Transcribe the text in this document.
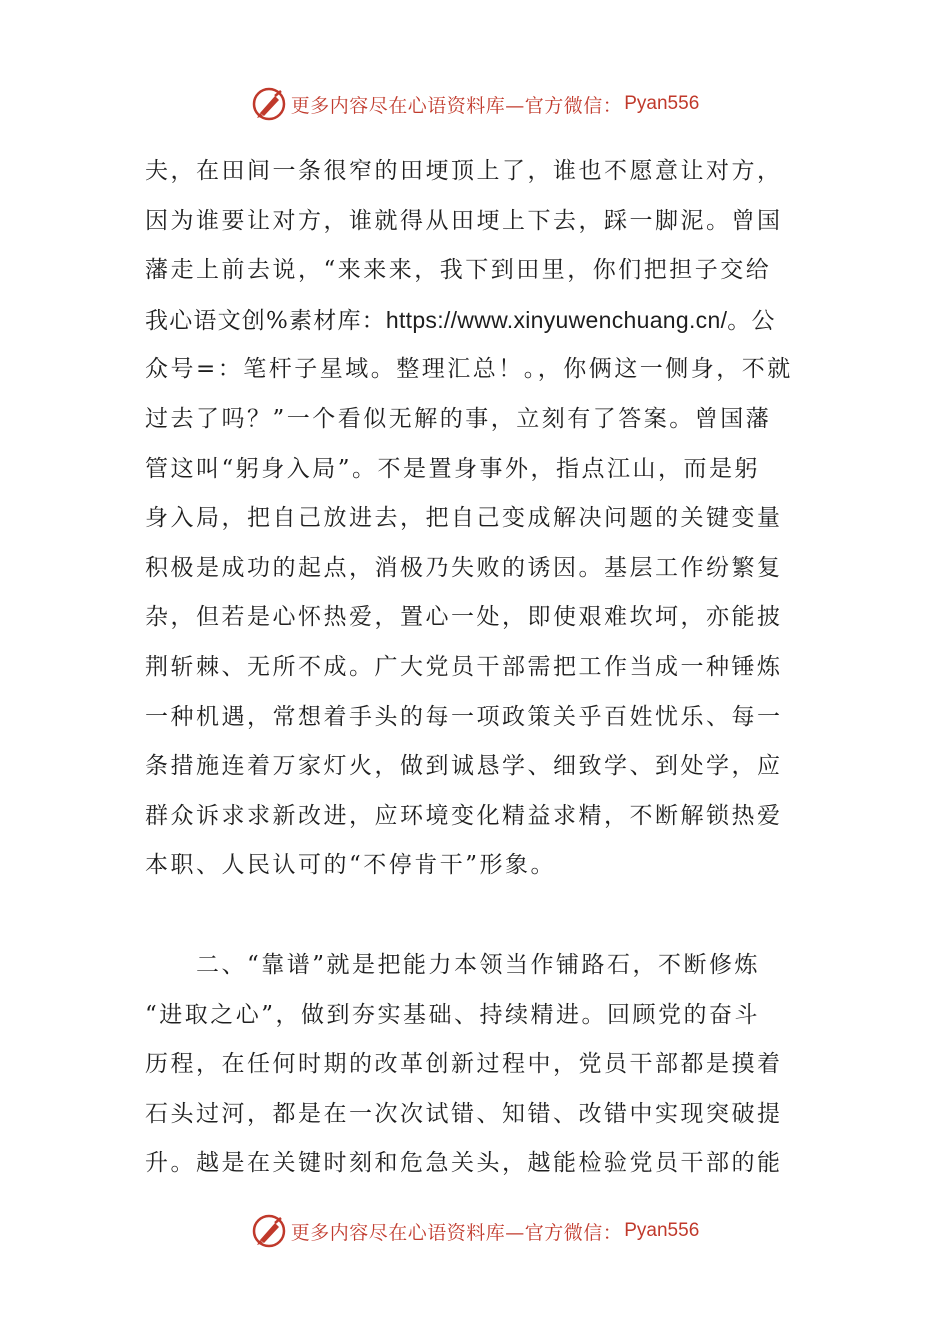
更多内容尽在心语资料库—官方微信： Pyan556
夫，在田间一条很窄的田埂顶上了，谁也不愿意让对方，
因为谁要让对方，谁就得从田埂上下去，踩一脚泥。曾国
藩走上前去说，“来来来，我下到田里，你们把担子交给
我心语文创%素材库：https://www.xinyuwenchuang.cn/。公
众号=：笔杆子星域。整理汇总！。，你俩这一侧身，不就
过去了吗？”一个看似无解的事，立刻有了答案。曾国藩
管这叫“躬身入局”。不是置身事外，指点江山，而是躬
身入局，把自己放进去，把自己变成解决问题的关键变量
积极是成功的起点，消极乃失败的诱因。基层工作纷繁复
杂，但若是心怀热爱，置心一处，即使艰难坎坷，亦能披
荆斩棘、无所不成。广大党员干部需把工作当成一种锤炼
一种机遇，常想着手头的每一项政策关乎百姓忧乐、每一
条措施连着万家灯火，做到诚恳学、细致学、到处学，应
群众诉求求新改进，应环境变化精益求精，不断解锁热爱
本职、人民认可的“不停肯干”形象。
二、“靠谱”就是把能力本领当作铺路石，不断修炼
“进取之心”，做到夯实基础、持续精进。回顾党的奋斗
历程，在任何时期的改革创新过程中，党员干部都是摸着
石头过河，都是在一次次试错、知错、改错中实现突破提
升。越是在关键时刻和危急关头，越能检验党员干部的能
更多内容尽在心语资料库—官方微信： Pyan556
